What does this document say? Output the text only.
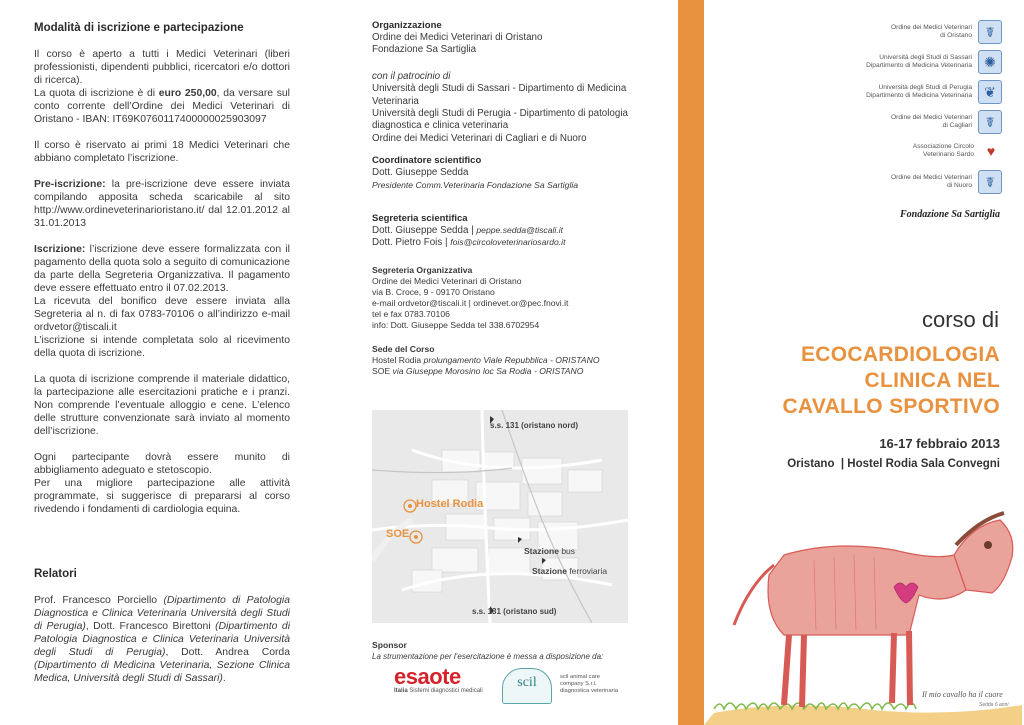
Modalità di iscrizione e partecipazione

Il corso è aperto a tutti i Medici Veterinari (liberi professionisti, dipendenti pubblici, ricercatori e/o dottori di ricerca).

La quota di iscrizione è di euro 250,00, da versare sul conto corrente dell’Ordine dei Medici Veterinari di Oristano - IBAN: IT69K0760117400000025903097

Il corso è riservato ai primi 18 Medici Veterinari che abbiano completato l’iscrizione.

Pre-iscrizione: la pre-iscrizione deve essere inviata compilando apposita scheda scaricabile al sito http://www.ordineveterinarioristano.it/ dal 12.01.2012 al 31.01.2013

Iscrizione: l’iscrizione deve essere formalizzata con il pagamento della quota solo a seguito di comunicazione da parte della Segreteria Organizzativa. Il pagamento deve essere effettuato entro il 07.02.2013.

La ricevuta del bonifico deve essere inviata alla Segreteria al n. di fax 0783-70106 o all’indirizzo e-mail ordvetor@tiscali.it

L’iscrizione si intende completata solo al ricevimento della quota di iscrizione.

La quota di iscrizione comprende il materiale didattico, la partecipazione alle esercitazioni pratiche e i pranzi. Non comprende l’eventuale alloggio e cene. L’elenco delle strutture convenzionate sarà inviato al momento dell’iscrizione.

Ogni partecipante dovrà essere munito di abbigliamento adeguato e stetoscopio.

Per una migliore partecipazione alle attività programmate, si suggerisce di prepararsi al corso rivedendo i fondamenti di cardiologia equina.

Relatori

Prof. Francesco Porciello (Dipartimento di Patologia Diagnostica e Clinica Veterinaria Università degli Studi di Perugia), Dott. Francesco Birettoni (Dipartimento di Patologia Diagnostica e Clinica Veterinaria Università degli Studi di Perugia), Dott. Andrea Corda (Dipartimento di Medicina Veterinaria, Sezione Clinica Medica, Università degli Studi di Sassari).

Organizzazione

Ordine dei Medici Veterinari di Oristano

Fondazione Sa Sartiglia

con il patrocinio di

Università degli Studi di Sassari - Dipartimento di Medicina Veterinaria

Università degli Studi di Perugia - Dipartimento di patologia diagnostica e clinica veterinaria

Ordine dei Medici Veterinari di Cagliari e di Nuoro

Coordinatore scientifico

Dott. Giuseppe Sedda

Presidente Comm.Veterinaria Fondazione Sa Sartiglia

Segreteria scientifica

Dott. Giuseppe Sedda | peppe.sedda@tiscali.it

Dott. Pietro Fois | fois@circoloveterinariosardo.it

Segreteria Organizzativa

Ordine dei Medici Veterinari di Oristano

via B. Croce, 9 - 09170 Oristano

e-mail ordvetor@tiscali.it | ordinevet.or@pec.fnovi.it

tel e fax 0783.70106

info: Dott. Giuseppe Sedda tel 338.6702954

Sede del Corso

Hostel Rodia prolungamento Viale Repubblica - ORISTANO

SOE via Giuseppe Morosino loc Sa Rodia - ORISTANO

s.s. 131 (oristano nord)
Hostel Rodia
SOE
Stazione bus
Stazione ferroviaria
s.s. 131 (oristano sud)

Sponsor

La strumentazione per l’esercitazione è messa a disposizione da:

esaote
Italia Sistemi diagnostici medicali
scil	scil animal care
company S.r.l.
diagnostica veterinaria
Ordine dei Medici Veterinari
di Oristano ☤
Università degli Studi di Sassari
Dipartimento di Medicina Veterinaria ✺
Università degli Studi di Perugia
Dipartimento di Medicina Veterinaria ❦
Ordine dei Medici Veterinari
di Cagliari ☤
Associazione Circolo
Veterinario Sardo ♥
Ordine dei Medici Veterinari
di Nuoro ☤
Fondazione Sa Sartiglia
corso di
ECOCARDIOLOGIA
CLINICA NEL
CAVALLO SPORTIVO
16-17 febbraio 2013
Oristano  | Hostel Rodia Sala Convegni
Il mio cavallo ha il cuore
Sedda 6 anni
